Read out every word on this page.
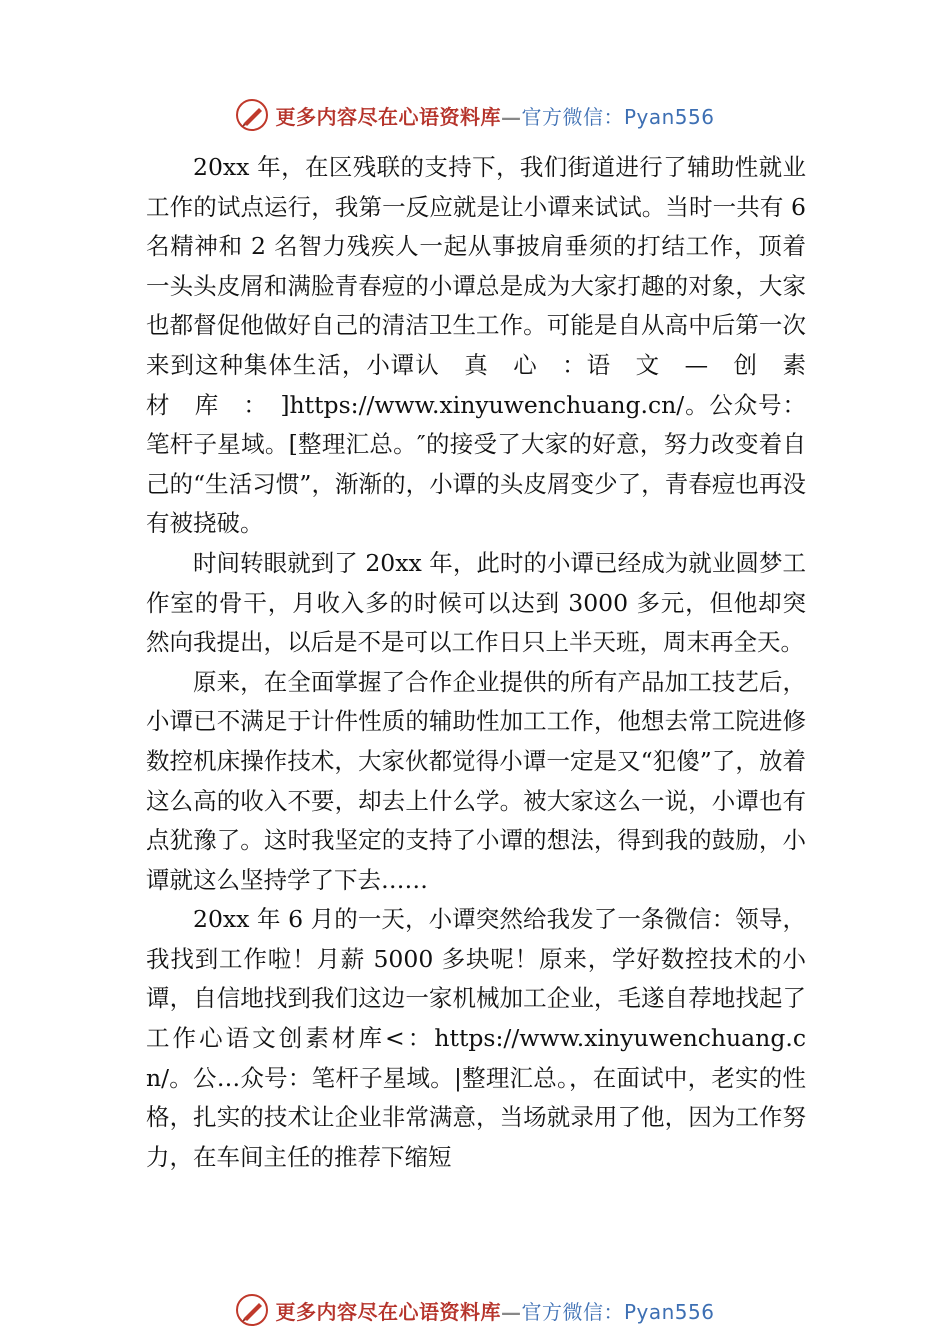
更多内容尽在心语资料库—官方微信：Pyan556

20xx 年，在区残联的支持下，我们街道进行了辅助性就业工作的试点运行，我第一反应就是让小谭来试试。当时一共有 6 名精神和 2 名智力残疾人一起从事披肩垂须的打结工作，顶着一头头皮屑和满脸青春痘的小谭总是成为大家打趣的对象，大家也都督促他做好自己的清洁卫生工作。可能是自从高中后第一次来到这种集体生活，小谭认　真　心　：语　文　—　创　素　材　库　：　]https://www.xinyuwenchuang.cn/。公众号：笔杆子星域。[整理汇总。″的接受了大家的好意，努力改变着自己的“生活习惯”，渐渐的，小谭的头皮屑变少了，青春痘也再没有被挠破。

时间转眼就到了 20xx 年，此时的小谭已经成为就业圆梦工作室的骨干，月收入多的时候可以达到 3000 多元，但他却突然向我提出，以后是不是可以工作日只上半天班，周末再全天。

原来，在全面掌握了合作企业提供的所有产品加工技艺后，小谭已不满足于计件性质的辅助性加工工作，他想去常工院进修数控机床操作技术，大家伙都觉得小谭一定是又“犯傻”了，放着这么高的收入不要，却去上什么学。被大家这么一说，小谭也有点犹豫了。这时我坚定的支持了小谭的想法，得到我的鼓励，小谭就这么坚持学了下去……

20xx 年 6 月的一天，小谭突然给我发了一条微信：领导， 我找到工作啦！月薪 5000 多块呢！原来，学好数控技术的小谭，自信地找到我们这边一家机械加工企业，毛遂自荐地找起了工作心语文创素材库<：https://www.xinyuwenchuang.cn/。公…众号：笔杆子星域。|整理汇总。，在面试中，老实的性格，扎实的技术让企业非常满意，当场就录用了他，因为工作努力，在车间主任的推荐下缩短

更多内容尽在心语资料库—官方微信：Pyan556
